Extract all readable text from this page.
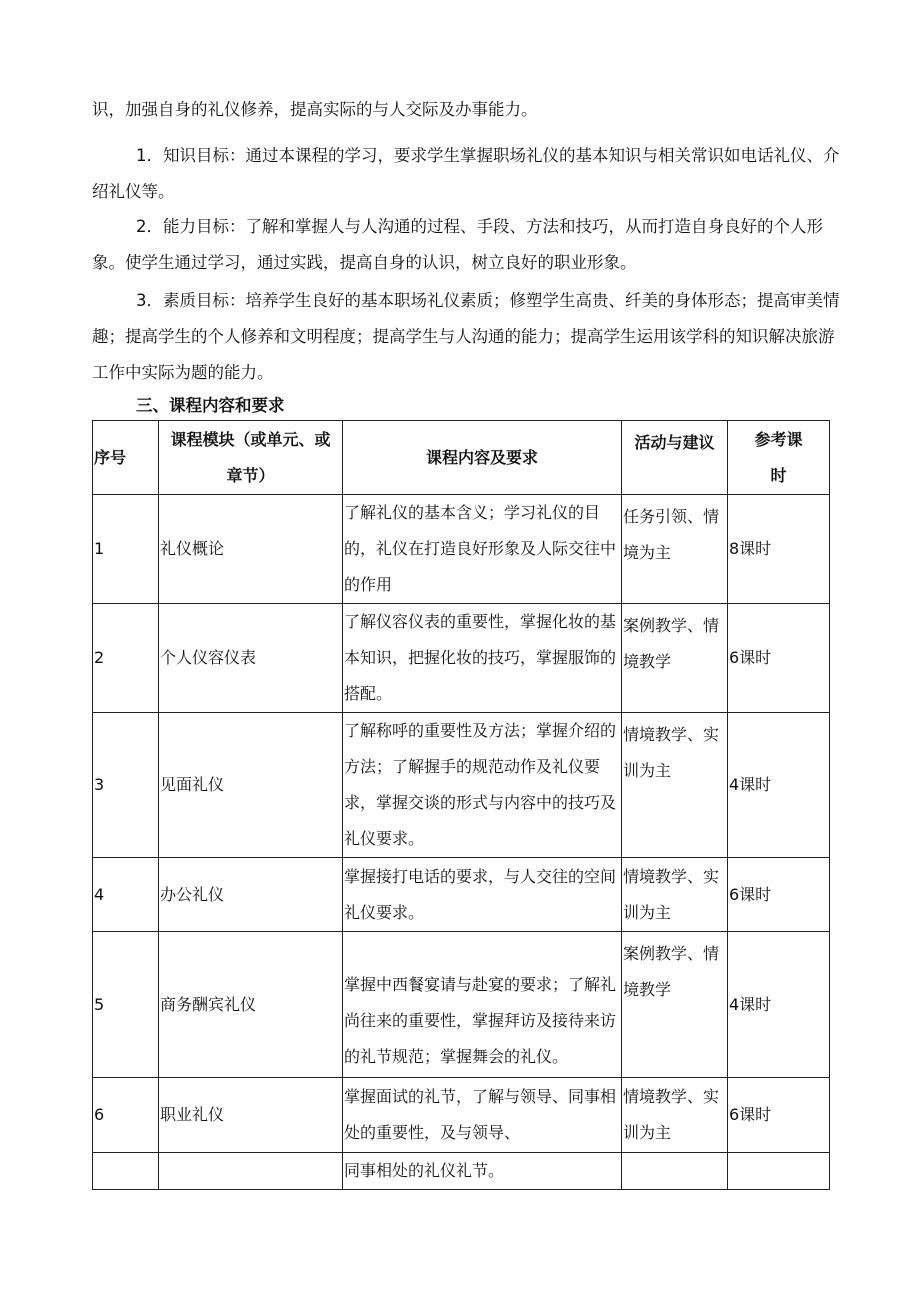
识，加强自身的礼仪修养，提高实际的与人交际及办事能力。

1．知识目标：通过本课程的学习，要求学生掌握职场礼仪的基本知识与相关常识如电话礼仪、介绍礼仪等。

2．能力目标：了解和掌握人与人沟通的过程、手段、方法和技巧，从而打造自身良好的个人形象。使学生通过学习，通过实践，提高自身的认识，树立良好的职业形象。

3．素质目标：培养学生良好的基本职场礼仪素质；修塑学生高贵、纤美的身体形态；提高审美情趣；提高学生的个人修养和文明程度；提高学生与人沟通的能力；提高学生运用该学科的知识解决旅游工作中实际为题的能力。

三、课程内容和要求

序号	课程模块（或单元、或章节）	课程内容及要求	活动与建议	参考课时
1	礼仪概论	了解礼仪的基本含义；学习礼仪的目的，礼仪在打造良好形象及人际交往中的作用	任务引领、情境为主	8课时
2	个人仪容仪表	了解仪容仪表的重要性，掌握化妆的基本知识，把握化妆的技巧，掌握服饰的搭配。	案例教学、情境教学	6课时
3	见面礼仪	了解称呼的重要性及方法；掌握介绍的方法；了解握手的规范动作及礼仪要求，掌握交谈的形式与内容中的技巧及礼仪要求。	情境教学、实训为主	4课时
4	办公礼仪	掌握接打电话的要求，与人交往的空间礼仪要求。	情境教学、实训为主	6课时
5	商务酬宾礼仪	掌握中西餐宴请与赴宴的要求；了解礼尚往来的重要性，掌握拜访及接待来访的礼节规范；掌握舞会的礼仪。	案例教学、情境教学	4课时
6	职业礼仪	掌握面试的礼节，了解与领导、同事相处的重要性，及与领导、	情境教学、实训为主	6课时
		同事相处的礼仪礼节。		
